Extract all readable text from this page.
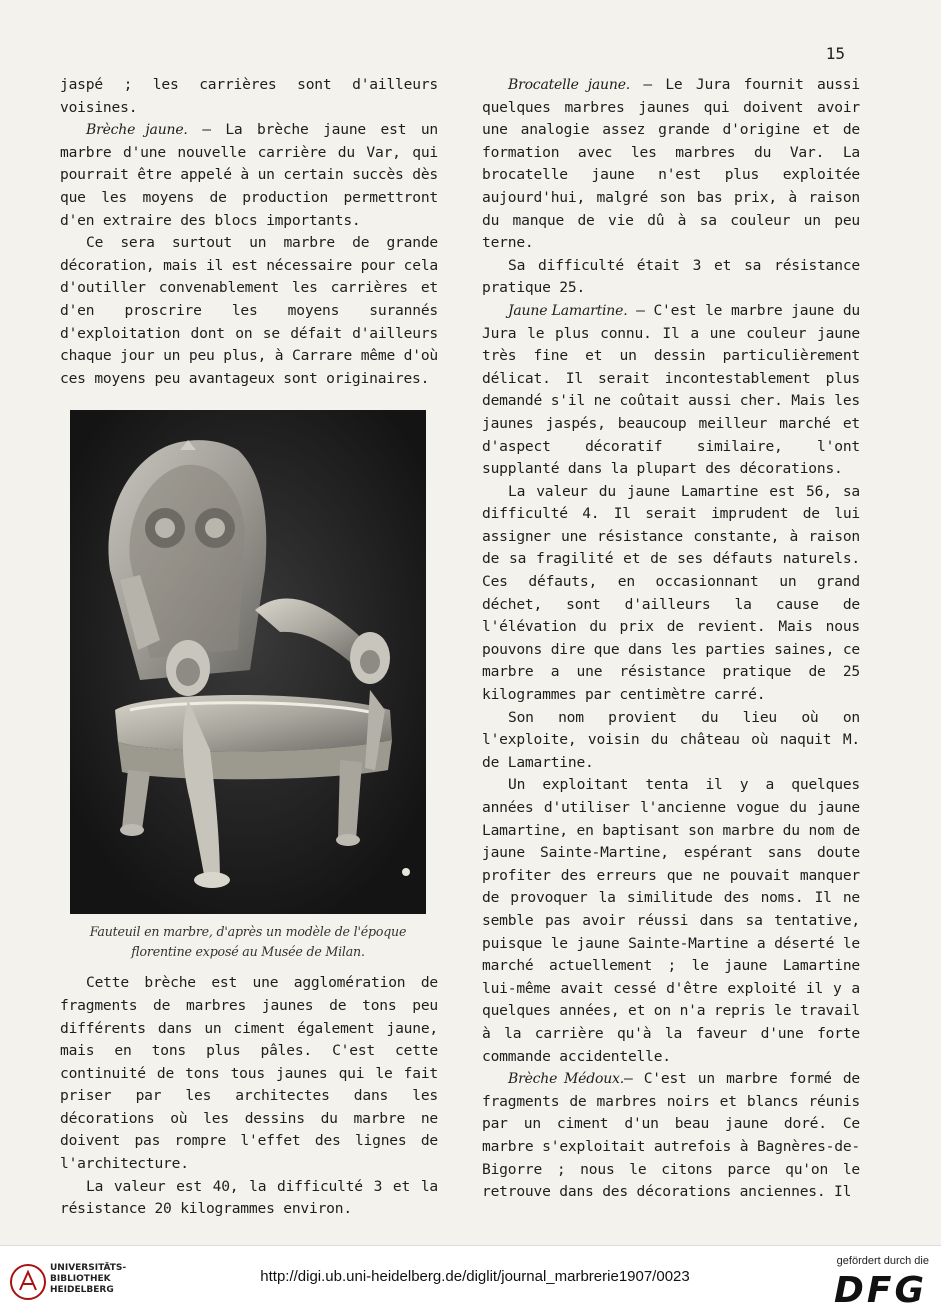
15

jaspé ; les carrières sont d'ailleurs voisines.

Brèche jaune. — La brèche jaune est un marbre d'une nouvelle carrière du Var, qui pourrait être appelé à un certain succès dès que les moyens de production permettront d'en extraire des blocs importants.

Ce sera surtout un marbre de grande décoration, mais il est nécessaire pour cela d'outiller convenablement les carrières et d'en proscrire les moyens surannés d'exploitation dont on se défait d'ailleurs chaque jour un peu plus, à Carrare même d'où ces moyens peu avantageux sont originaires.

Fauteuil en marbre, d'après un modèle de l'époque florentine exposé au Musée de Milan.

Cette brèche est une agglomération de fragments de marbres jaunes de tons peu différents dans un ciment également jaune, mais en tons plus pâles. C'est cette continuité de tons tous jaunes qui le fait priser par les architectes dans les décorations où les dessins du marbre ne doivent pas rompre l'effet des lignes de l'architecture.

La valeur est 40, la difficulté 3 et la résistance 20 kilogrammes environ.

Brocatelle jaune. — Le Jura fournit aussi quelques marbres jaunes qui doivent avoir une analogie assez grande d'origine et de formation avec les marbres du Var. La brocatelle jaune n'est plus exploitée aujourd'hui, malgré son bas prix, à raison du manque de vie dû à sa couleur un peu terne.

Sa difficulté était 3 et sa résistance pratique 25.

Jaune Lamartine. — C'est le marbre jaune du Jura le plus connu. Il a une couleur jaune très fine et un dessin particulièrement délicat. Il serait incontestablement plus demandé s'il ne coûtait aussi cher. Mais les jaunes jaspés, beaucoup meilleur marché et d'aspect décoratif similaire, l'ont supplanté dans la plupart des décorations.

La valeur du jaune Lamartine est 56, sa difficulté 4. Il serait imprudent de lui assigner une résistance constante, à raison de sa fragilité et de ses défauts naturels. Ces défauts, en occasionnant un grand déchet, sont d'ailleurs la cause de l'élévation du prix de revient. Mais nous pouvons dire que dans les parties saines, ce marbre a une résistance pratique de 25 kilogrammes par centimètre carré.

Son nom provient du lieu où on l'exploite, voisin du château où naquit M. de Lamartine.

Un exploitant tenta il y a quelques années d'utiliser l'ancienne vogue du jaune Lamartine, en baptisant son marbre du nom de jaune Sainte-Martine, espérant sans doute profiter des erreurs que ne pouvait manquer de provoquer la similitude des noms. Il ne semble pas avoir réussi dans sa tentative, puisque le jaune Sainte-Martine a déserté le marché actuellement ; le jaune Lamartine lui-même avait cessé d'être exploité il y a quelques années, et on n'a repris le travail à la carrière qu'à la faveur d'une forte commande accidentelle.

Brèche Médoux.— C'est un marbre formé de fragments de marbres noirs et blancs réunis par un ciment d'un beau jaune doré. Ce marbre s'exploitait autrefois à Bagnères-de-Bigorre ; nous le citons parce qu'on le retrouve dans des décorations anciennes. Il

UNIVERSITÄTS-
BIBLIOTHEK
HEIDELBERG
http://digi.ub.uni-heidelberg.de/diglit/journal_marbrerie1907/0023
gefördert durch die
DFG
